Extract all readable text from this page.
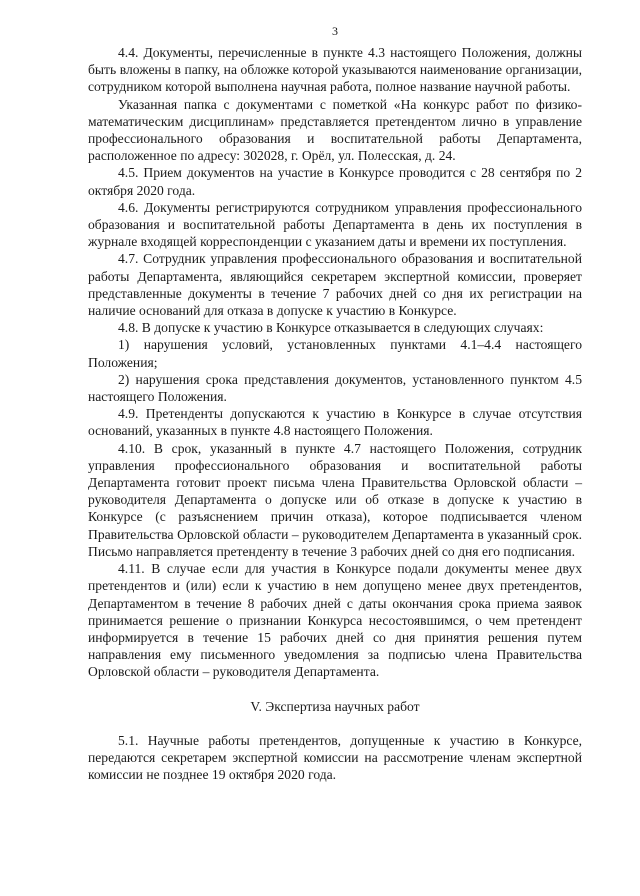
3

4.4. Документы, перечисленные в пункте 4.3 настоящего Положения, должны быть вложены в папку, на обложке которой указываются наименование организации, сотрудником которой выполнена научная работа, полное название научной работы.

Указанная папка с документами с пометкой «На конкурс работ по физико-математическим дисциплинам» представляется претендентом лично в управление профессионального образования и воспитательной работы Департамента, расположенное по адресу: 302028, г. Орёл, ул. Полесская, д. 24.

4.5. Прием документов на участие в Конкурсе проводится с 28 сентября по 2 октября 2020 года.

4.6. Документы регистрируются сотрудником управления профессионального образования и воспитательной работы Департамента в день их поступления в журнале входящей корреспонденции с указанием даты и времени их поступления.

4.7. Сотрудник управления профессионального образования и воспитательной работы Департамента, являющийся секретарем экспертной комиссии, проверяет представленные документы в течение 7 рабочих дней со дня их регистрации на наличие оснований для отказа в допуске к участию в Конкурсе.

4.8. В допуске к участию в Конкурсе отказывается в следующих случаях:

1) нарушения условий, установленных пунктами 4.1–4.4 настоящего Положения;

2) нарушения срока представления документов, установленного пунктом 4.5 настоящего Положения.

4.9. Претенденты допускаются к участию в Конкурсе в случае отсутствия оснований, указанных в пункте 4.8 настоящего Положения.

4.10. В срок, указанный в пункте 4.7 настоящего Положения, сотрудник управления профессионального образования и воспитательной работы Департамента готовит проект письма члена Правительства Орловской области – руководителя Департамента о допуске или об отказе в допуске к участию в Конкурсе (с разъяснением причин отказа), которое подписывается членом Правительства Орловской области – руководителем Департамента в указанный срок. Письмо направляется претенденту в течение 3 рабочих дней со дня его подписания.

4.11. В случае если для участия в Конкурсе подали документы менее двух претендентов и (или) если к участию в нем допущено менее двух претендентов, Департаментом в течение 8 рабочих дней с даты окончания срока приема заявок принимается решение о признании Конкурса несостоявшимся, о чем претендент информируется в течение 15 рабочих дней со дня принятия решения путем направления ему письменного уведомления за подписью члена Правительства Орловской области – руководителя Департамента.

V. Экспертиза научных работ

5.1. Научные работы претендентов, допущенные к участию в Конкурсе, передаются секретарем экспертной комиссии на рассмотрение членам экспертной комиссии не позднее 19 октября 2020 года.
